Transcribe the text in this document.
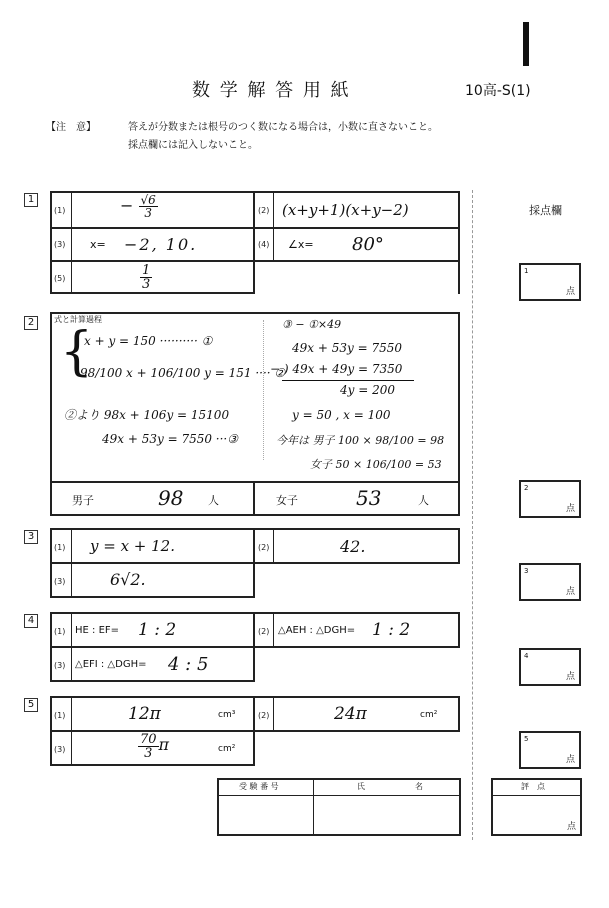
数 学 解 答 用 紙	10高-S(1)
【注　意】	答えが分数または根号のつく数になる場合は，小数に直さないこと。
採点欄には記入しないこと。
採点欄
1
点
2
点
3
点
4
点
5
点
評　点
点
1
(1)	− $\frac{√6}{3}$	(2) (x+y+1)(x+y−2)
(3) x= −2, 10.	(4) ∠x= 80°
(5)	$\frac{1}{3}$
2	式と計算過程
{
x + y = 150 ·········· ①
98/100 x + 106/100 y = 151 ···· ②
②より 98x + 106y = 15100
49x + 53y = 7550 ···③
③ − ①×49
49x + 53y = 7550
− ) 49x + 49y = 7350
4y = 200
y = 50 , x = 100
今年は 男子 100 × 98/100 = 98
女子 50 × 106/100 = 53
男子	98 人	女子	53	人
3
(1) y = x + 12.	(2)	42.
(3)	6√2.
4
(1) HE : EF= 1 : 2	(2) △AEH : △DGH= 1 : 2
(3) △EFI : △DGH= 4 : 5
5
(1)	12π	cm³	(2)	24π	cm²
(3)	$\frac{70}{3}$ π	cm²
受 験 番 号	氏	名
